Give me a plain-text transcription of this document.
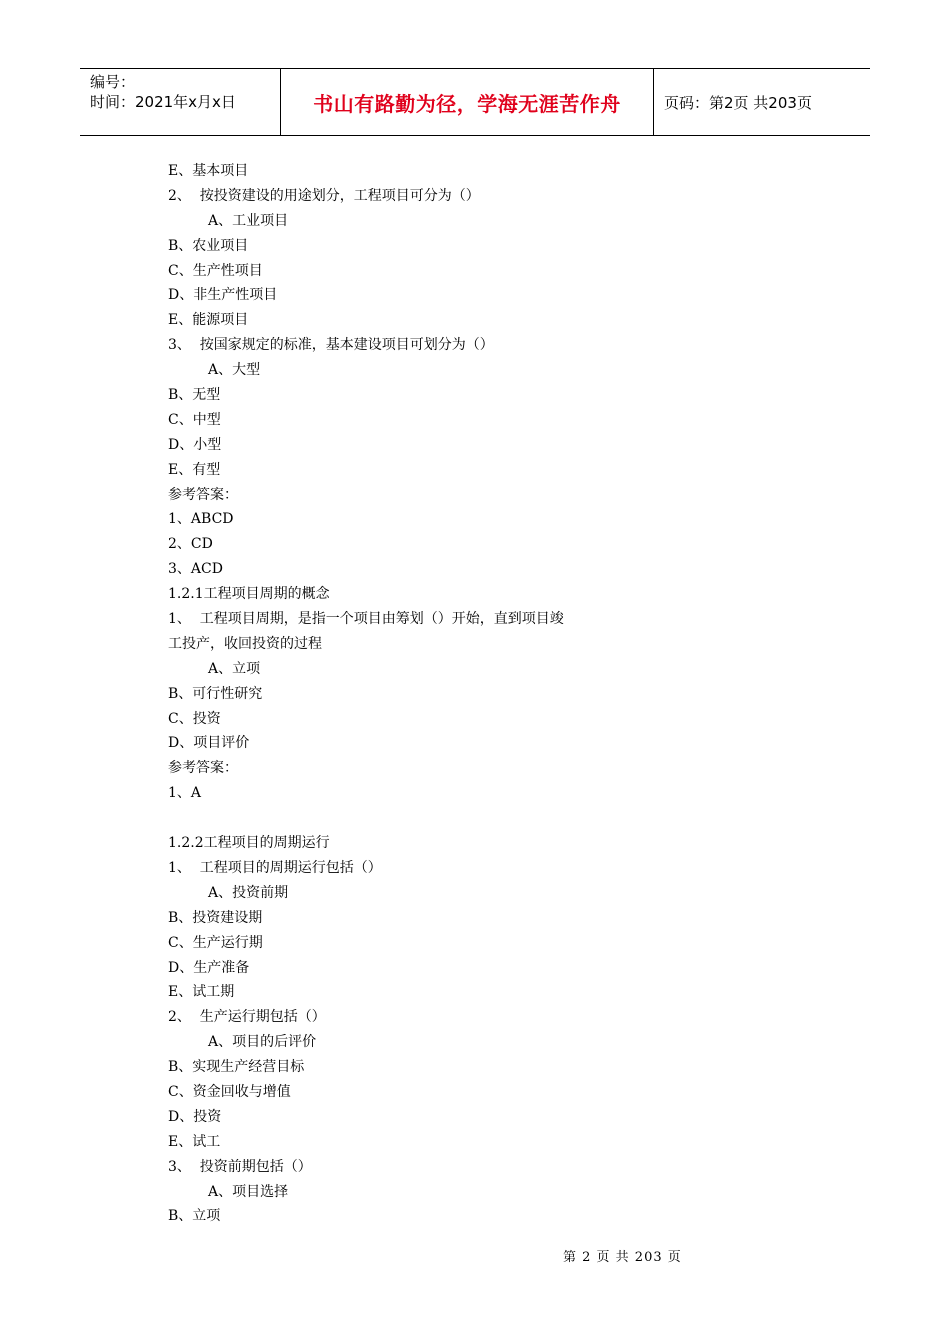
编号：
时间：2021年x月x日	书山有路勤为径，学海无涯苦作舟	页码：第2页 共203页
E、基本项目
2、  按投资建设的用途划分，工程项目可分为（）
A、工业项目
B、农业项目
C、生产性项目
D、非生产性项目
E、能源项目
3、  按国家规定的标准，基本建设项目可划分为（）
A、大型
B、无型
C、中型
D、小型
E、有型
参考答案：
1、ABCD
2、CD
3、ACD
1.2.1工程项目周期的概念
1、  工程项目周期，是指一个项目由筹划（）开始，直到项目竣
工投产，收回投资的过程
A、立项
B、可行性研究
C、投资
D、项目评价
参考答案：
1、A
1.2.2工程项目的周期运行
1、  工程项目的周期运行包括（）
A、投资前期
B、投资建设期
C、生产运行期
D、生产准备
E、试工期
2、  生产运行期包括（）
A、项目的后评价
B、实现生产经营目标
C、资金回收与增值
D、投资
E、试工
3、  投资前期包括（）
A、项目选择
B、立项
第 2 页 共 203 页
